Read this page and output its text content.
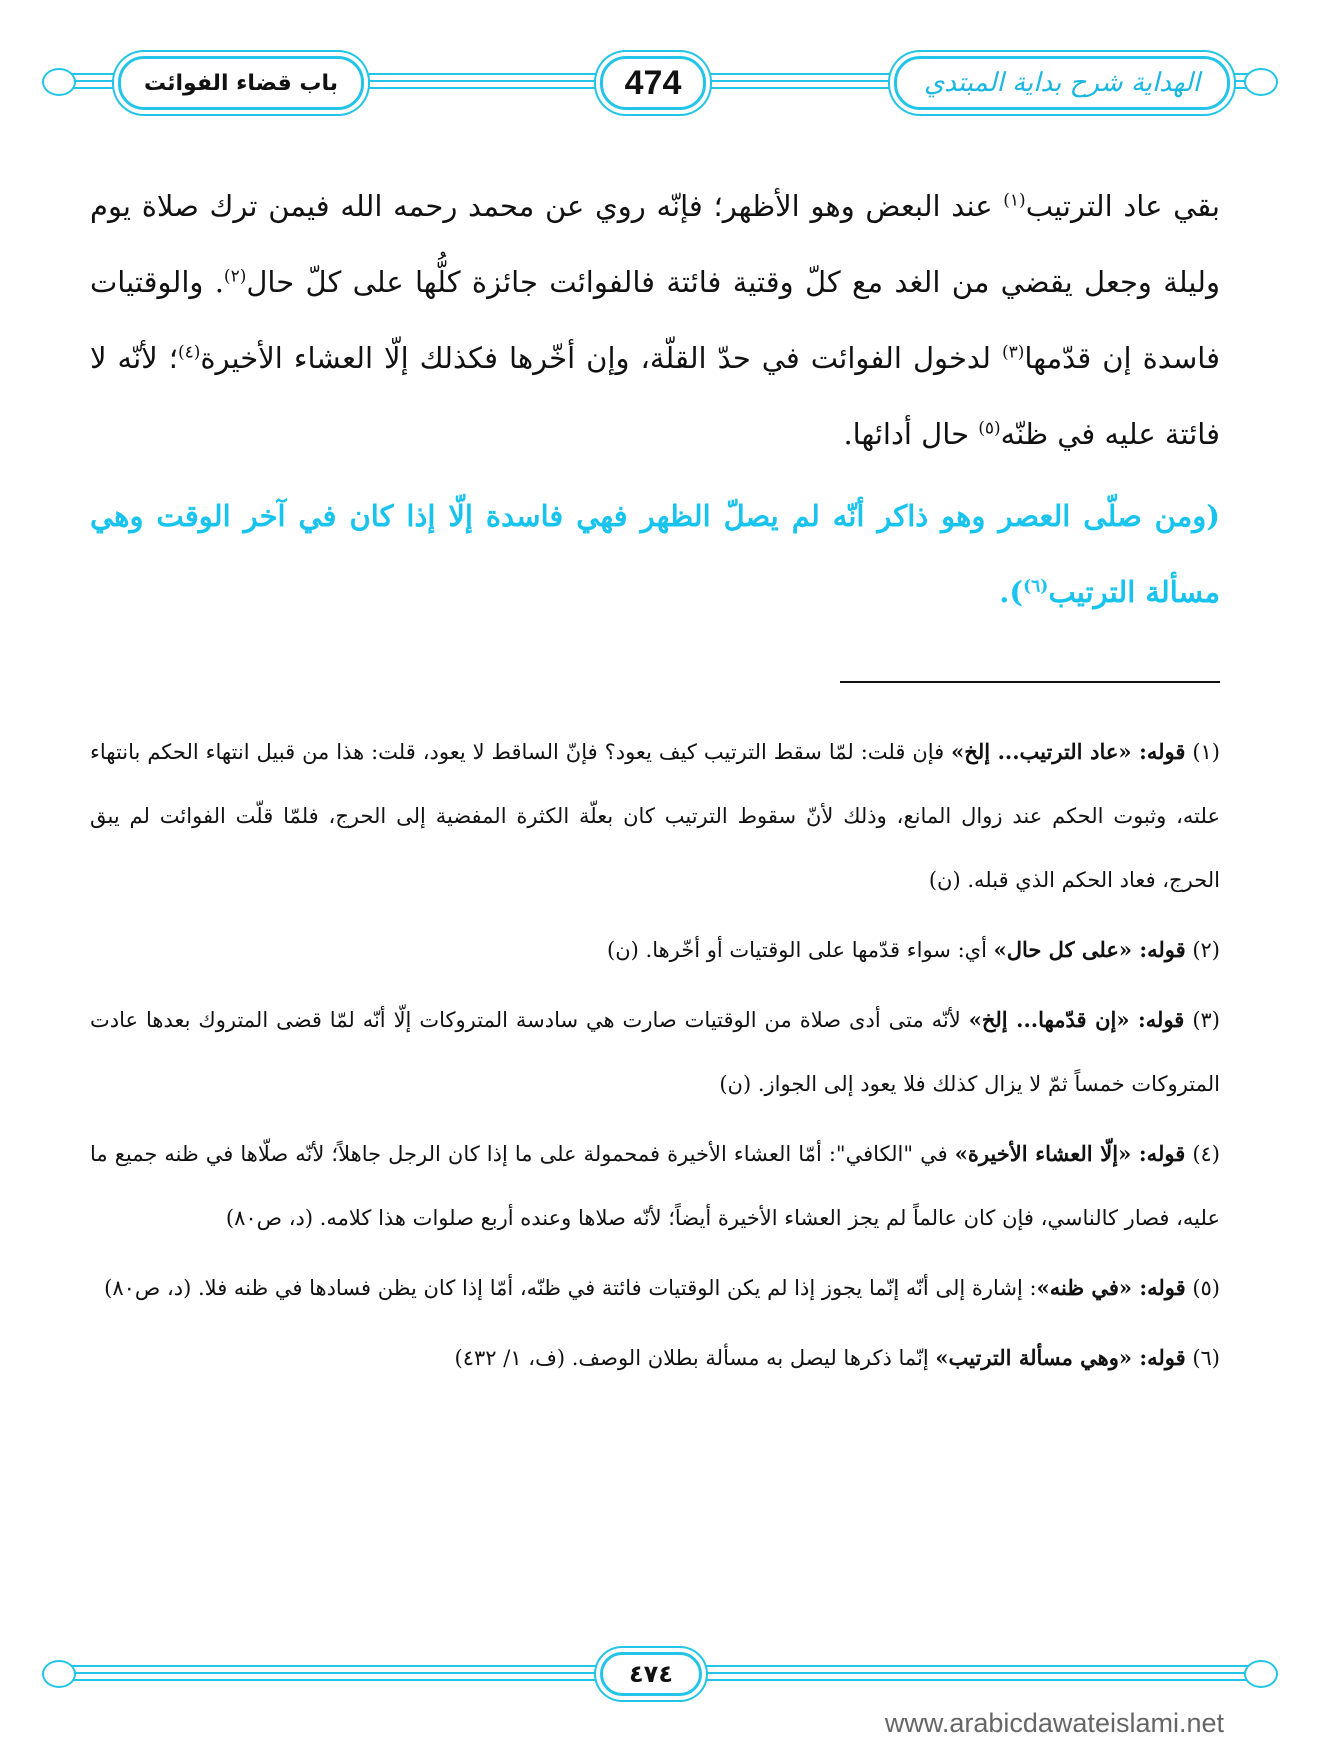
باب قضاء الفوائت	474	الهداية شرح بداية المبتدي

بقي عاد الترتيب$^{(١)}$ عند البعض وهو الأظهر؛ فإنّه روي عن محمد رحمه الله فيمن ترك صلاة يوم وليلة وجعل يقضي من الغد مع كلّ وقتية فائتة فالفوائت جائزة كلُّها على كلّ حال$^{(٢)}$. والوقتيات فاسدة إن قدّمها$^{(٣)}$ لدخول الفوائت في حدّ القلّة، وإن أخّرها فكذلك إلّا العشاء الأخيرة$^{(٤)}$؛ لأنّه لا فائتة عليه في ظنّه$^{(٥)}$ حال أدائها.

(ومن صلّى العصر وهو ذاكر أنّه لم يصلّ الظهر فهي فاسدة إلّا إذا كان في آخر الوقت وهي مسألة الترتيب$^{(٦)}$).

(١) قوله: «عاد الترتيب... إلخ» فإن قلت: لمّا سقط الترتيب كيف يعود؟ فإنّ الساقط لا يعود، قلت: هذا من قبيل انتهاء الحكم بانتهاء علته، وثبوت الحكم عند زوال المانع، وذلك لأنّ سقوط الترتيب كان بعلّة الكثرة المفضية إلى الحرج، فلمّا قلّت الفوائت لم يبق الحرج، فعاد الحكم الذي قبله. (ن)

(٢) قوله: «على كل حال» أي: سواء قدّمها على الوقتيات أو أخّرها. (ن)

(٣) قوله: «إن قدّمها... إلخ» لأنّه متى أدى صلاة من الوقتيات صارت هي سادسة المتروكات إلّا أنّه لمّا قضى المتروك بعدها عادت المتروكات خمساً ثمّ لا يزال كذلك فلا يعود إلى الجواز. (ن)

(٤) قوله: «إلّا العشاء الأخيرة» في "الكافي": أمّا العشاء الأخيرة فمحمولة على ما إذا كان الرجل جاهلاً؛ لأنّه صلّاها في ظنه جميع ما عليه، فصار كالناسي، فإن كان عالماً لم يجز العشاء الأخيرة أيضاً؛ لأنّه صلاها وعنده أربع صلوات هذا كلامه. (د، ص٨٠)

(٥) قوله: «في ظنه»: إشارة إلى أنّه إنّما يجوز إذا لم يكن الوقتيات فائتة في ظنّه، أمّا إذا كان يظن فسادها في ظنه فلا. (د، ص٨٠)

(٦) قوله: «وهي مسألة الترتيب» إنّما ذكرها ليصل به مسألة بطلان الوصف. (ف، ١/ ٤٣٢)

٤٧٤
www.arabicdawateislami.net
